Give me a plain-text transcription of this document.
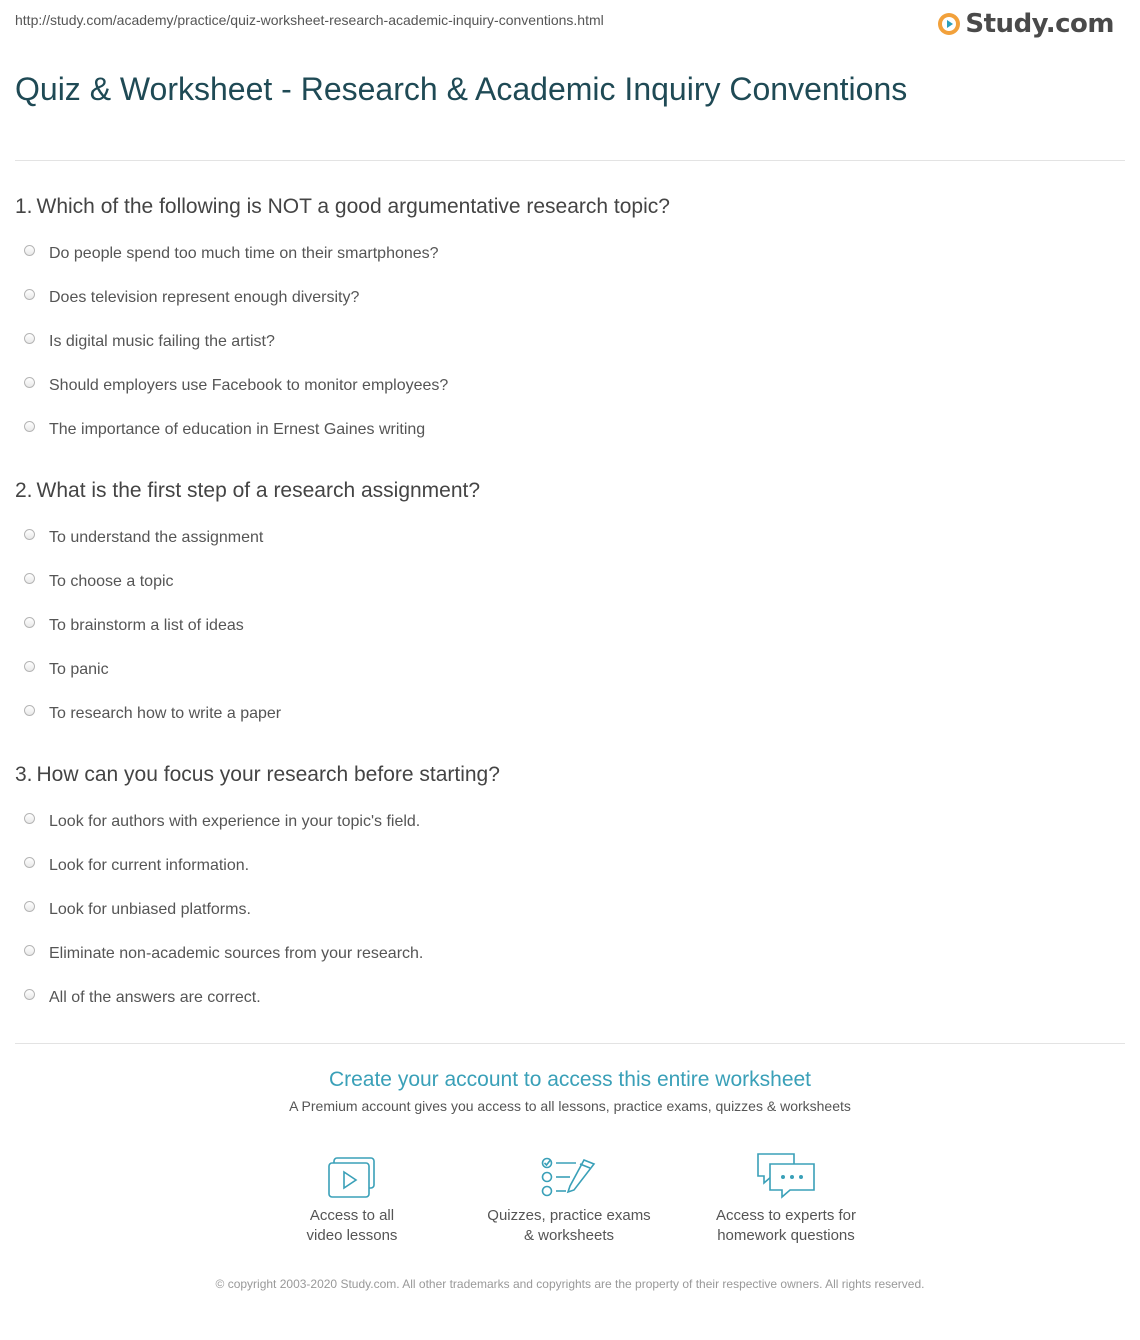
http://study.com/academy/practice/quiz-worksheet-research-academic-inquiry-conventions.html	Study.com
Quiz & Worksheet - Research & Academic Inquiry Conventions

1. Which of the following is NOT a good argumentative research topic?

Do people spend too much time on their smartphones?
Does television represent enough diversity?
Is digital music failing the artist?
Should employers use Facebook to monitor employees?
The importance of education in Ernest Gaines writing

2. What is the first step of a research assignment?

To understand the assignment
To choose a topic
To brainstorm a list of ideas
To panic
To research how to write a paper

3. How can you focus your research before starting?

Look for authors with experience in your topic's field.
Look for current information.
Look for unbiased platforms.
Eliminate non-academic sources from your research.
All of the answers are correct.

Create your account to access this entire worksheet

A Premium account gives you access to all lessons, practice exams, quizzes & worksheets
Access to all
video lessons
Quizzes, practice exams
& worksheets
Access to experts for
homework questions
© copyright 2003-2020 Study.com. All other trademarks and copyrights are the property of their respective owners. All rights reserved.
